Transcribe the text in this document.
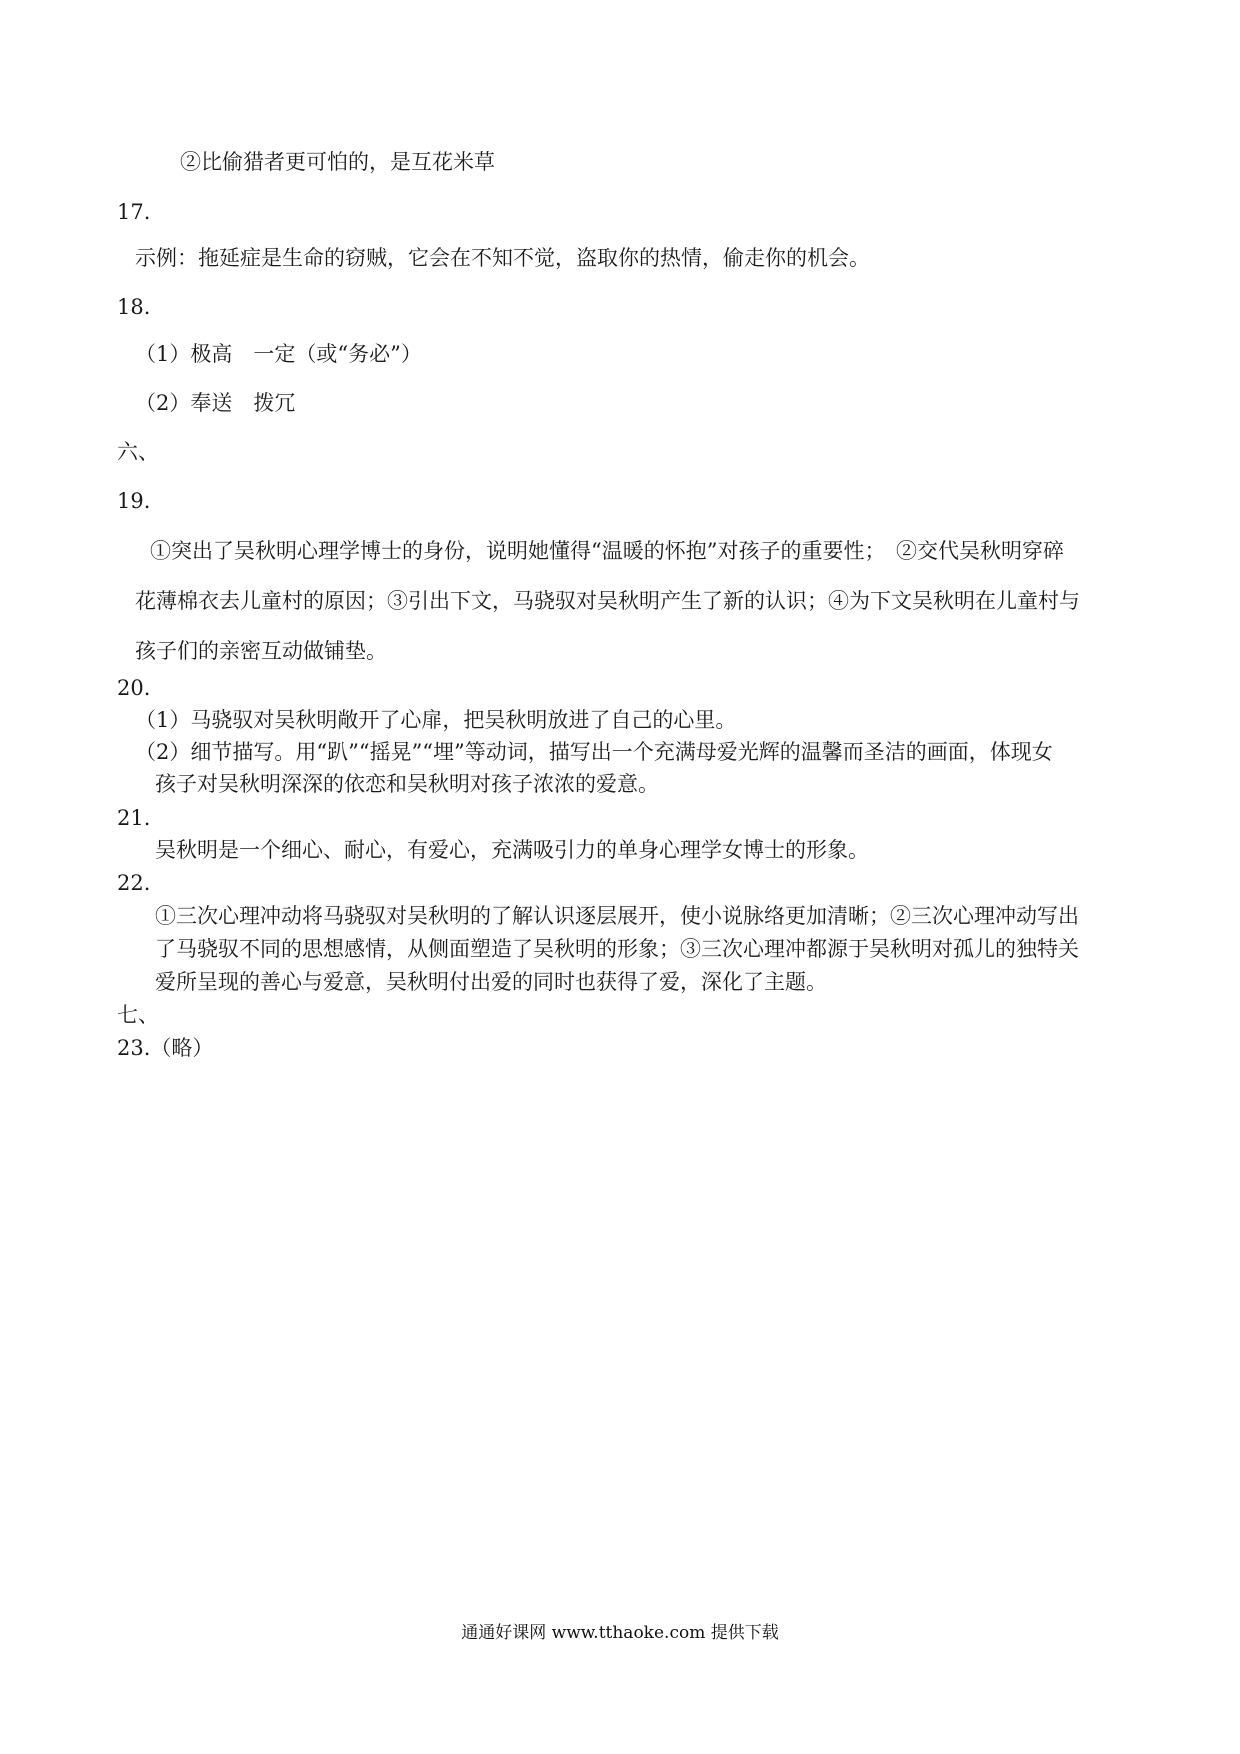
②比偷猎者更可怕的，是互花米草
17.
示例：拖延症是生命的窃贼，它会在不知不觉，盗取你的热情，偷走你的机会。
18.
（1）极高　一定（或“务必”）
（2）奉送　拨冗
六、
19.
①突出了吴秋明心理学博士的身份，说明她懂得“温暖的怀抱”对孩子的重要性；　②交代吴秋明穿碎
花薄棉衣去儿童村的原因；③引出下文，马骁驭对吴秋明产生了新的认识；④为下文吴秋明在儿童村与
孩子们的亲密互动做铺垫。
20.
（1）马骁驭对吴秋明敞开了心扉，把吴秋明放进了自己的心里。
（2）细节描写。用“趴”“摇晃”“埋”等动词，描写出一个充满母爱光辉的温馨而圣洁的画面，体现女
孩子对吴秋明深深的依恋和吴秋明对孩子浓浓的爱意。
21.
吴秋明是一个细心、耐心，有爱心，充满吸引力的单身心理学女博士的形象。
22.
①三次心理冲动将马骁驭对吴秋明的了解认识逐层展开，使小说脉络更加清晰；②三次心理冲动写出
了马骁驭不同的思想感情，从侧面塑造了吴秋明的形象；③三次心理冲都源于吴秋明对孤儿的独特关
爱所呈现的善心与爱意，吴秋明付出爱的同时也获得了爱，深化了主题。
七、
23.（略）
通通好课网 www.tthaoke.com 提供下载
